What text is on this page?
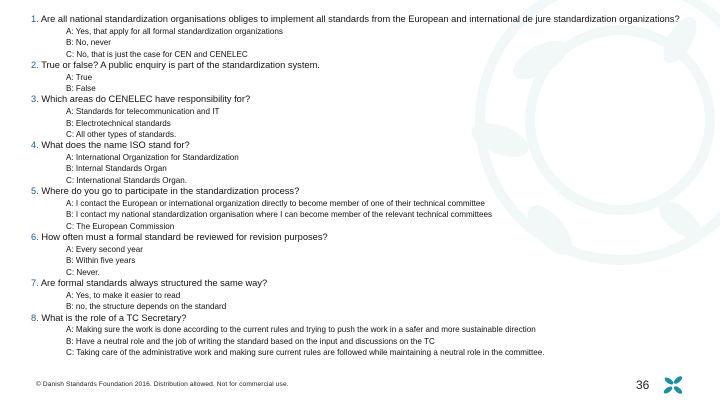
1. Are all national standardization organisations obliges to implement all standards from the European and international de jure standardization organizations?
A: Yes, that apply for all formal standardization organizations
B: No, never
C: No, that is just the case for CEN and CENELEC
2. True or false? A public enquiry is part of the standardization system.
A: True
B: False
3. Which areas do CENELEC have responsibility for?
A: Standards for telecommunication and IT
B: Electrotechnical standards
C: All other types of standards.
4. What does the name ISO stand for?
A: International Organization for Standardization
B: Internal Standards Organ
C: International Standards Organ.
5. Where do you go to participate in the standardization process?
A: I contact the European or international organization directly to become member of one of their technical committee
B: I contact my national standardization organisation where I can become member of the relevant technical committees
C: The European Commission
6. How often must a formal standard be reviewed for revision purposes?
A: Every second year
B: Within five years
C: Never.
7. Are formal standards always structured the same way?
A: Yes, to make it easier to read
B: no, the structure depends on the standard
8. What is the role of a TC Secretary?
A: Making sure the work is done according to the current rules and trying to push the work in a safer and more sustainable direction
B: Have a neutral role and the job of writing the standard based on the input and discussions on the TC
C: Taking care of the administrative work and making sure current rules are followed while maintaining a neutral role in the committee.
© Danish Standards Foundation 2016. Distribution allowed. Not for commercial use.	36
